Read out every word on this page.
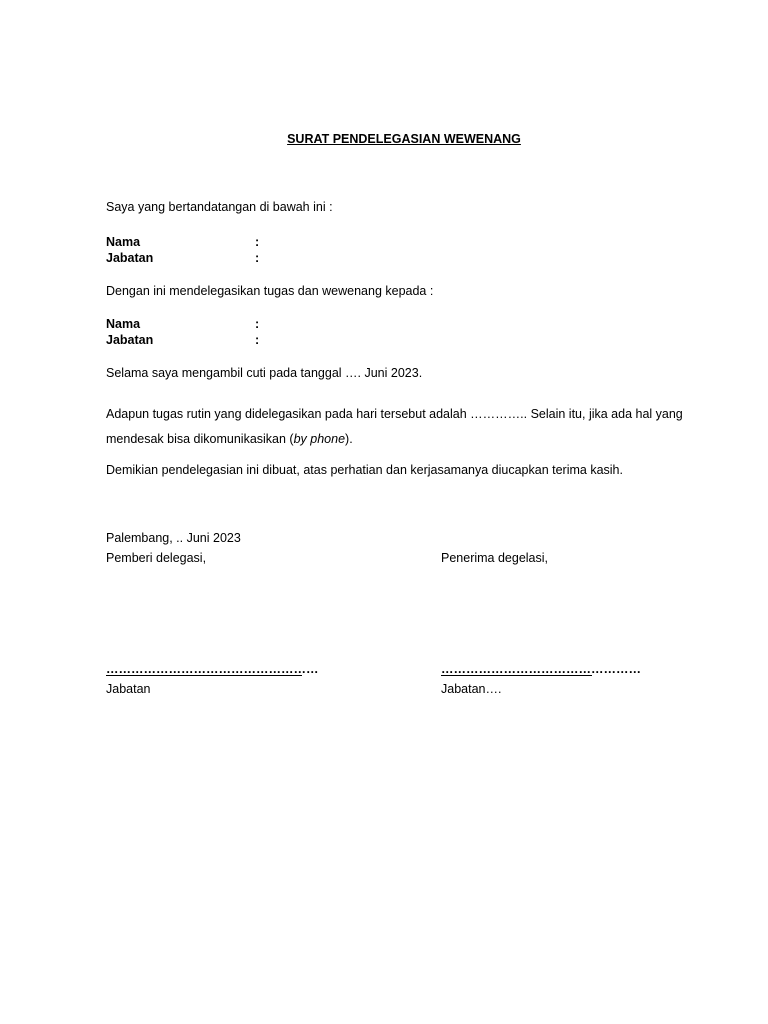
SURAT PENDELEGASIAN WEWENANG
Saya yang bertandatangan di bawah ini :
Nama	:
Jabatan	:
Dengan ini mendelegasikan tugas dan wewenang kepada :
Nama	:
Jabatan	:
Selama saya mengambil cuti pada tanggal …. Juni 2023.
Adapun tugas rutin yang didelegasikan pada hari tersebut adalah ………….. Selain itu, jika ada hal yang
mendesak bisa dikomunikasikan (by phone).
Demikian pendelegasian ini dibuat, atas perhatian dan kerjasamanya diucapkan terima kasih.
Palembang, .. Juni 2023
Pemberi delegasi,	Penerima degelasi,
……………………………………………	…………………………………………
Jabatan	Jabatan….
